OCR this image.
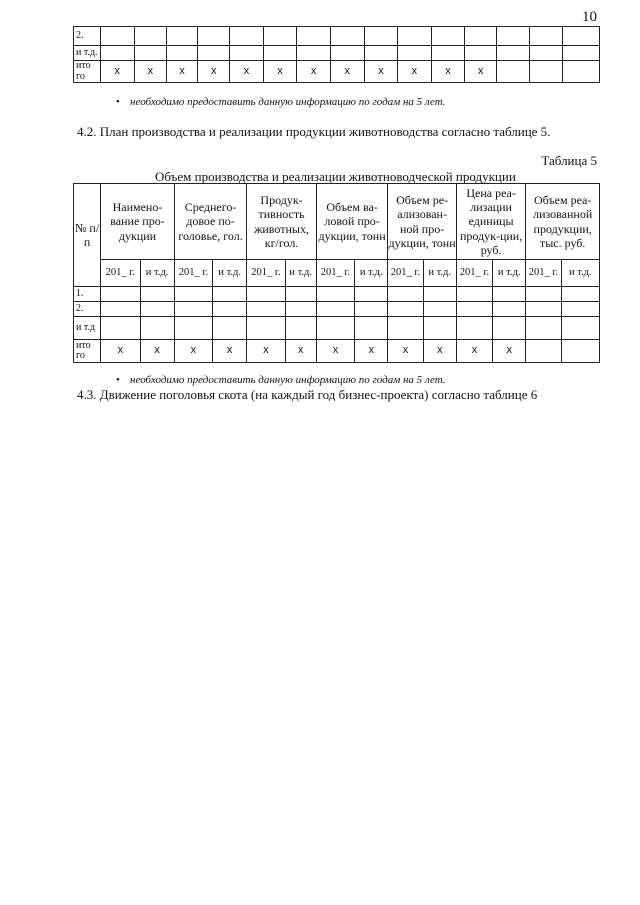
10
2.															
и т.д.															
ито го	х	х	х	х	х	х	х	х	х	х	х	х			
• необходимо предоставить данную информацию по годам на 5 лет.
4.2. План производства и реализации продукции животноводства согласно таблице 5.
Таблица 5
Объем производства и реализации животноводческой продукции
№ п/п	Наимено-вание про-дукции		Среднего-довое по-головье, гол.		Продук-тивность животных, кг/гол.		Объем ва-ловой про-дукции, тонн		Объем ре-ализован-ной про-дукции, тонн		Цена реа-лизации единицы продук-ции, руб.		Объем реа-лизованной продукции, тыс. руб.	
	201_ г.	и т.д.	201_ г.	и т.д.	201_ г.	и т.д.	201_ г.	и т.д.	201_ г.	и т.д.	201_ г.	и т.д.	201_ г.	и т.д.
1.														
2.														
и т.д														
ито го	х	х	х	х	х	х	х	х	х	х	х	х		
• необходимо предоставить данную информацию по годам на 5 лет.
4.3. Движение поголовья скота (на каждый год бизнес-проекта) согласно таблице 6
